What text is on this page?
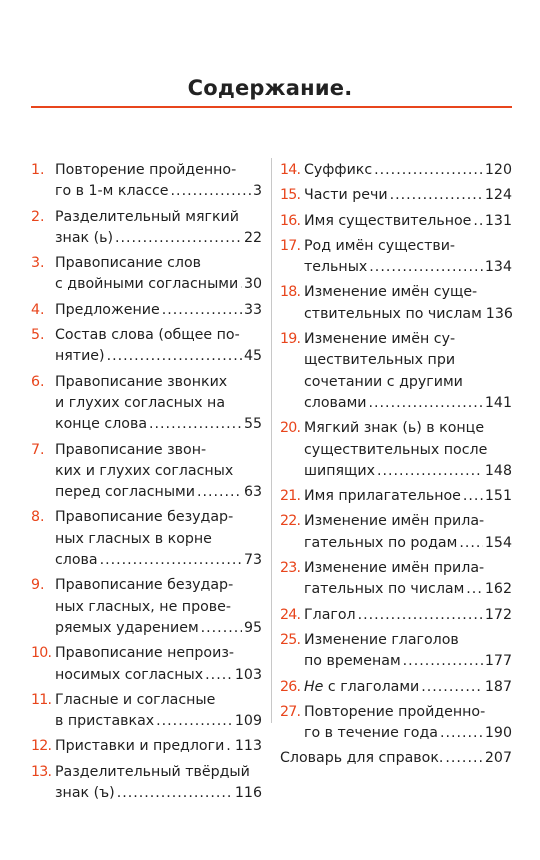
Содержание.
1. Повторение пройденно-
го в 1-м классе .....	3
2. Разделительный мягкий
знак (ь) .....	22
3. Правописание слов
с двойными согласными ..... 30
4. Предложение .....	33
5. Состав слова (общее по-
нятие) .....	45
6. Правописание звонких
и глухих согласных на
конце слова .....	55
7. Правописание звон-
ких и глухих согласных
перед согласными .....	63
8. Правописание безудар-
ных гласных в корне
слова .....	73
9. Правописание безудар-
ных гласных, не прове-
ряемых ударением .....	95
10. Правописание непроиз-
носимых согласных ..... 103
11. Гласные и согласные
в приставках .....	109
12. Приставки и предлоги ..... 113
13. Разделительный твёрдый
знак (ъ) .....	116
14. Суффикс .....	120
15. Части речи .....	124
16. Имя существительное ..... 131
17. Род имён существи-
тельных .....	134
18. Изменение имён суще-
ствительных по числам 136
19. Изменение имён су-
ществительных при
сочетании с другими
словами .....	141
20. Мягкий знак (ь) в конце
существительных после
шипящих .....	148
21. Имя прилагательное ..... 151
22. Изменение имён прила-
гательных по родам ..... 154
23. Изменение имён прила-
гательных по числам ..... 162
24. Глагол .....	172
25. Изменение глаголов
по временам .....	177
26. Не с глаголами .....	187
27. Повторение пройденно-
го в течение года .....	190
Словарь для справок. .....	207
